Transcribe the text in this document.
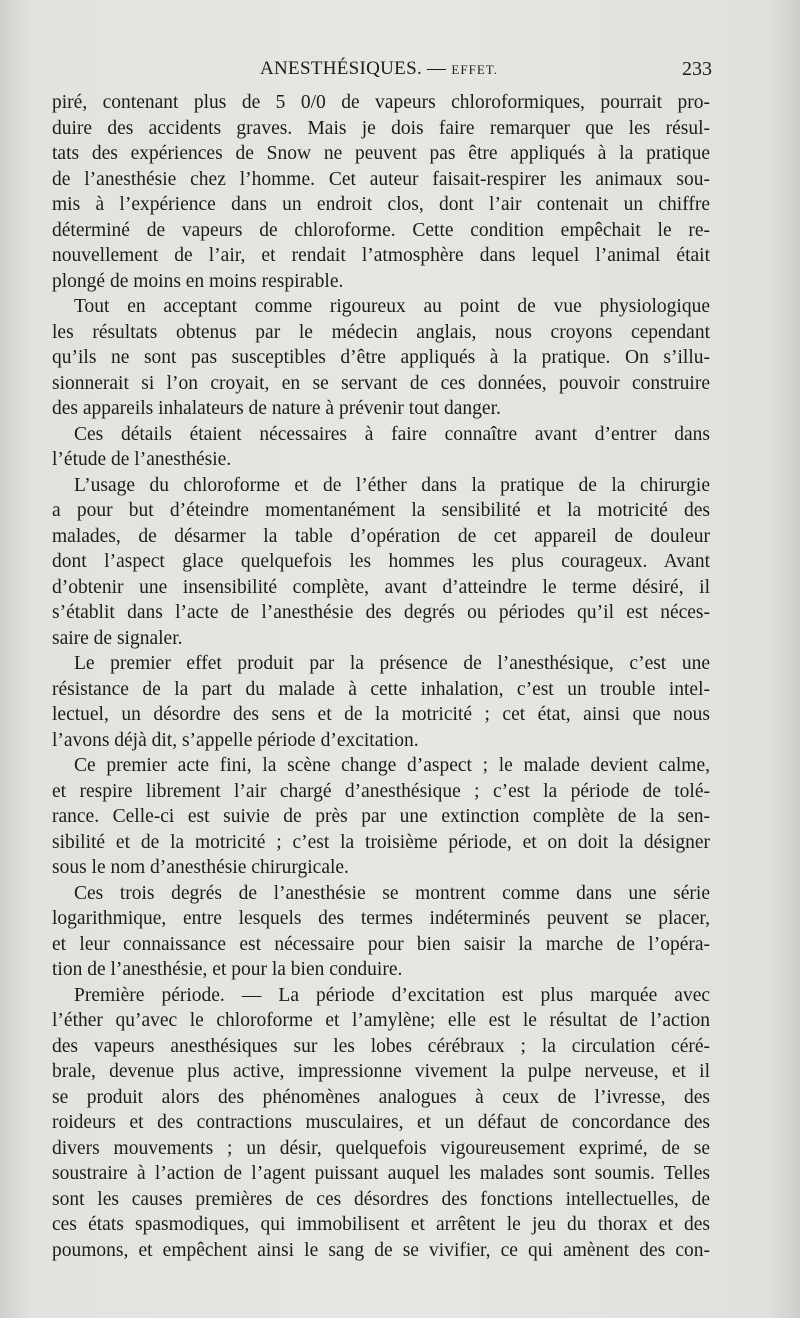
ANESTHÉSIQUES. — EFFET.	233
piré, contenant plus de 5 0/0 de vapeurs chloroformiques, pourrait pro-
duire des accidents graves. Mais je dois faire remarquer que les résul-
tats des expériences de Snow ne peuvent pas être appliqués à la pratique
de l’anesthésie chez l’homme. Cet auteur faisait-respirer les animaux sou-
mis à l’expérience dans un endroit clos, dont l’air contenait un chiffre
déterminé de vapeurs de chloroforme. Cette condition empêchait le re-
nouvellement de l’air, et rendait l’atmosphère dans lequel l’animal était
plongé de moins en moins respirable.
Tout en acceptant comme rigoureux au point de vue physiologique
les résultats obtenus par le médecin anglais, nous croyons cependant
qu’ils ne sont pas susceptibles d’être appliqués à la pratique. On s’illu-
sionnerait si l’on croyait, en se servant de ces données, pouvoir construire
des appareils inhalateurs de nature à prévenir tout danger.
Ces détails étaient nécessaires à faire connaître avant d’entrer dans
l’étude de l’anesthésie.
L’usage du chloroforme et de l’éther dans la pratique de la chirurgie
a pour but d’éteindre momentanément la sensibilité et la motricité des
malades, de désarmer la table d’opération de cet appareil de douleur
dont l’aspect glace quelquefois les hommes les plus courageux. Avant
d’obtenir une insensibilité complète, avant d’atteindre le terme désiré, il
s’établit dans l’acte de l’anesthésie des degrés ou périodes qu’il est néces-
saire de signaler.
Le premier effet produit par la présence de l’anesthésique, c’est une
résistance de la part du malade à cette inhalation, c’est un trouble intel-
lectuel, un désordre des sens et de la motricité ; cet état, ainsi que nous
l’avons déjà dit, s’appelle période d’excitation.
Ce premier acte fini, la scène change d’aspect ; le malade devient calme,
et respire librement l’air chargé d’anesthésique ; c’est la période de tolé-
rance. Celle-ci est suivie de près par une extinction complète de la sen-
sibilité et de la motricité ; c’est la troisième période, et on doit la désigner
sous le nom d’anesthésie chirurgicale.
Ces trois degrés de l’anesthésie se montrent comme dans une série
logarithmique, entre lesquels des termes indéterminés peuvent se placer,
et leur connaissance est nécessaire pour bien saisir la marche de l’opéra-
tion de l’anesthésie, et pour la bien conduire.
Première période. — La période d’excitation est plus marquée avec
l’éther qu’avec le chloroforme et l’amylène; elle est le résultat de l’action
des vapeurs anesthésiques sur les lobes cérébraux ; la circulation céré-
brale, devenue plus active, impressionne vivement la pulpe nerveuse, et il
se produit alors des phénomènes analogues à ceux de l’ivresse, des
roideurs et des contractions musculaires, et un défaut de concordance des
divers mouvements ; un désir, quelquefois vigoureusement exprimé, de se
soustraire à l’action de l’agent puissant auquel les malades sont soumis. Telles
sont les causes premières de ces désordres des fonctions intellectuelles, de
ces états spasmodiques, qui immobilisent et arrêtent le jeu du thorax et des
poumons, et empêchent ainsi le sang de se vivifier, ce qui amènent des con-
